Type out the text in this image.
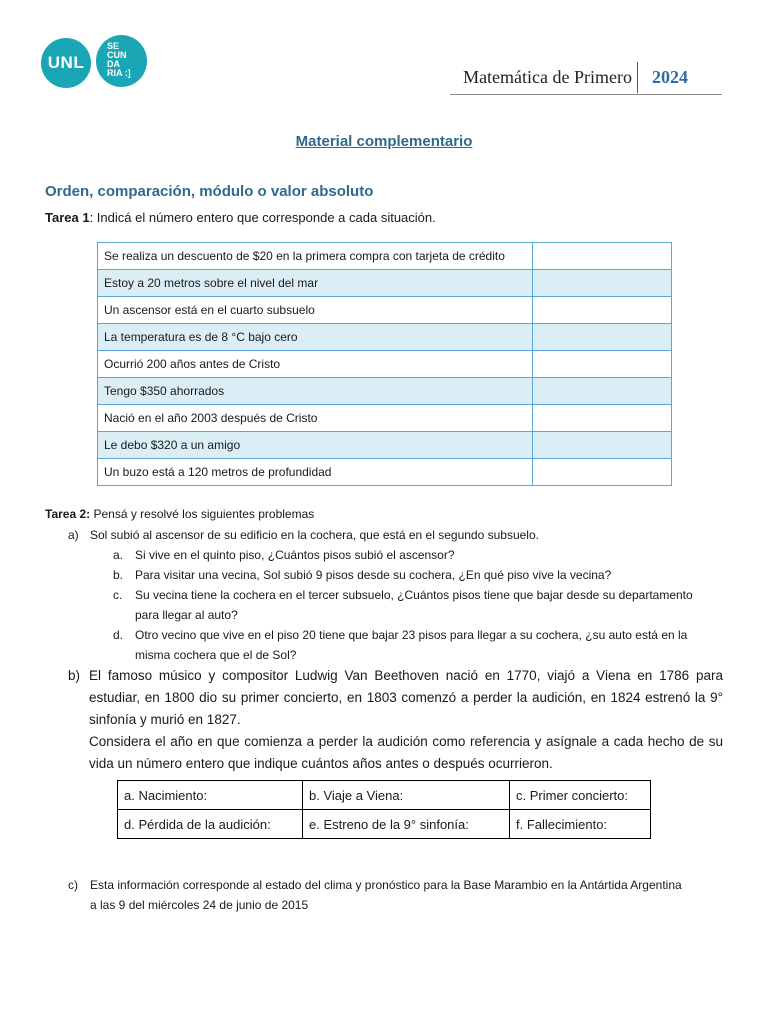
UNL
SE
CUN
DA
RIA :]	Matemática de Primero 2024
Material complementario
Orden, comparación, módulo o valor absoluto
Tarea 1: Indicá el número entero que corresponde a cada situación.
Se realiza un descuento de $20 en la primera compra con tarjeta de crédito	
Estoy a 20 metros sobre el nivel del mar	
Un ascensor está en el cuarto subsuelo	
La temperatura es de 8 °C bajo cero	
Ocurrió 200 años antes de Cristo	
Tengo $350 ahorrados	
Nació en el año 2003 después de Cristo	
Le debo $320 a un amigo	
Un buzo está a 120 metros de profundidad	
Tarea 2: Pensá y resolvé los siguientes problemas
a) Sol subió al ascensor de su edificio en la cochera, que está en el segundo subsuelo.
a. Si vive en el quinto piso, ¿Cuántos pisos subió el ascensor?
b. Para visitar una vecina, Sol subió 9 pisos desde su cochera, ¿En qué piso vive la vecina?
c. Su vecina tiene la cochera en el tercer subsuelo, ¿Cuántos pisos tiene que bajar desde su departamento
para llegar al auto?
d. Otro vecino que vive en el piso 20 tiene que bajar 23 pisos para llegar a su cochera, ¿su auto está en la
misma cochera que el de Sol?
b) El famoso músico y compositor Ludwig Van Beethoven nació en 1770, viajó a Viena en 1786 para estudiar, en 1800 dio su primer concierto, en 1803 comenzó a perder la audición, en 1824 estrenó la 9° sinfonía y murió en 1827.
Considera el año en que comienza a perder la audición como referencia y asígnale a cada hecho de su vida un número entero que indique cuántos años antes o después ocurrieron.
a. Nacimiento:	b. Viaje a Viena:	c. Primer concierto:
d. Pérdida de la audición:	e. Estreno de la 9° sinfonía:	f. Fallecimiento:
c) Esta información corresponde al estado del clima y pronóstico para la Base Marambio en la Antártida Argentina
a las 9 del miércoles 24 de junio de 2015
